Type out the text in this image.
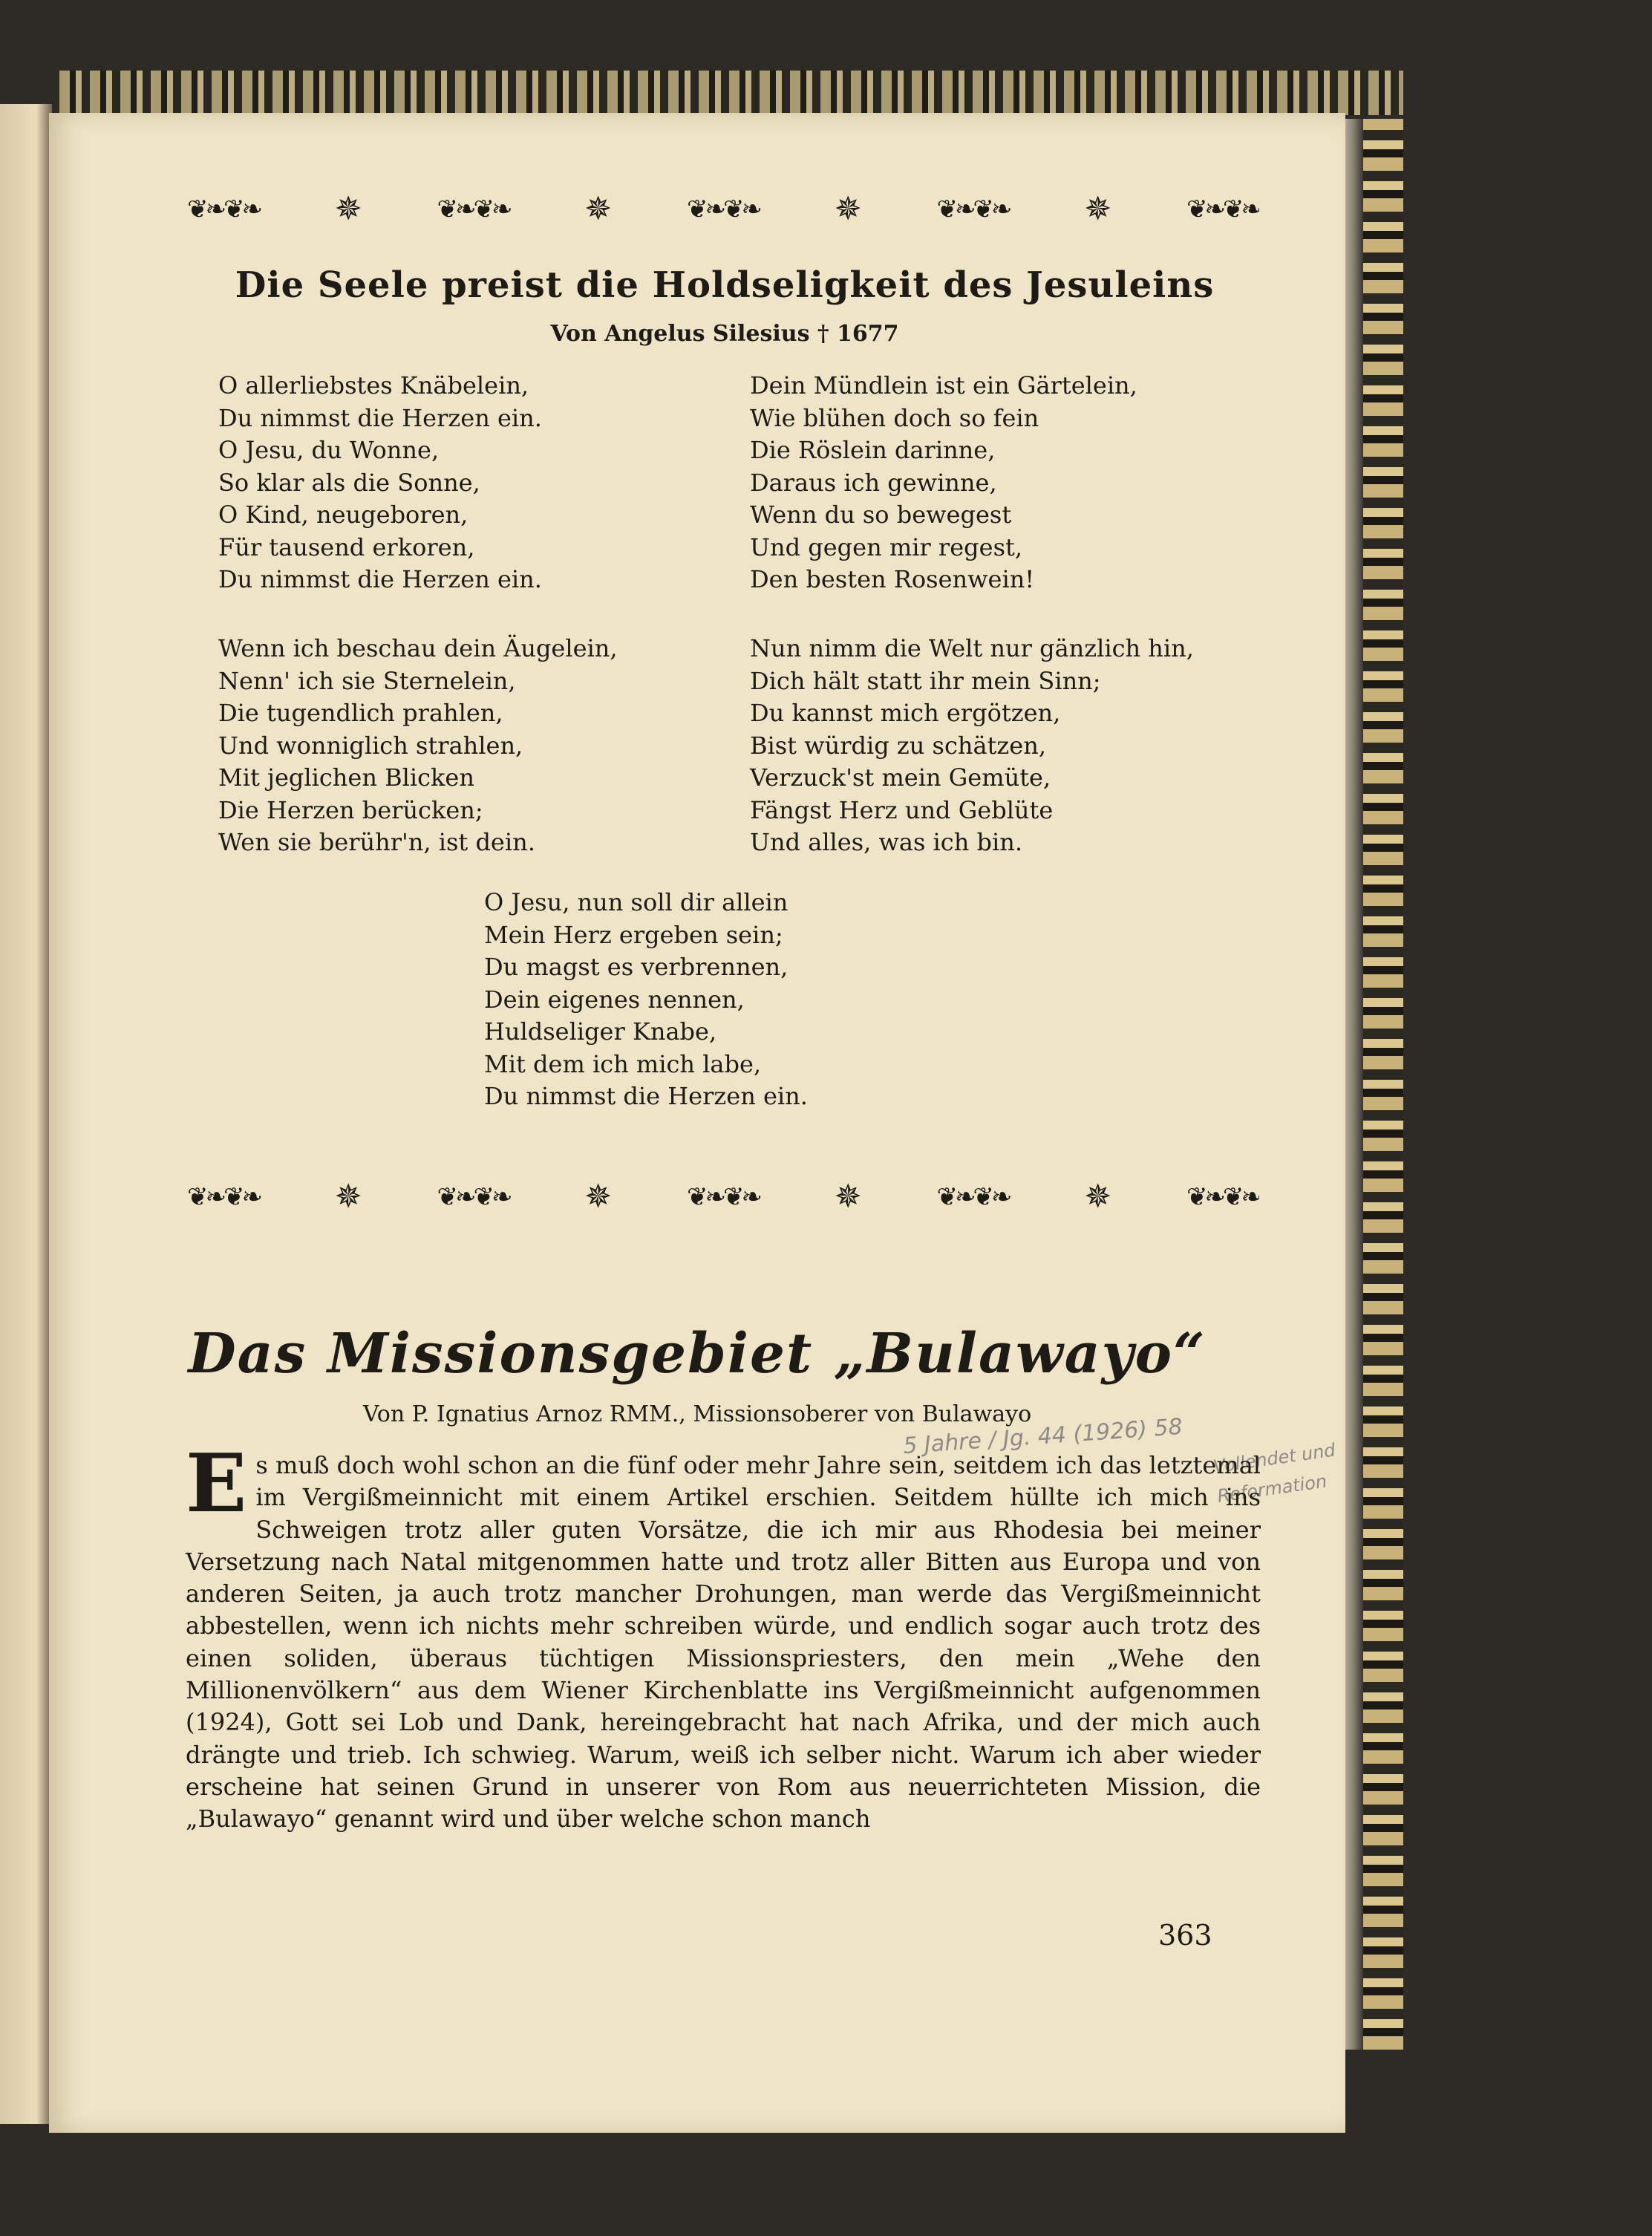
❦❧❦❧ ✵	❦❧❦❧ ✵	❦❧❦❧ ✵	❦❧❦❧ ✵	❦❧❦❧
Die Seele preist die Holdseligkeit des Jesuleins
Von Angelus Silesius † 1677
O allerliebstes Knäbelein,
Du nimmst die Herzen ein.
O Jesu, du Wonne,
So klar als die Sonne,
O Kind, neugeboren,
Für tausend erkoren,
Du nimmst die Herzen ein.
Dein Mündlein ist ein Gärtelein,
Wie blühen doch so fein
Die Röslein darinne,
Daraus ich gewinne,
Wenn du so bewegest
Und gegen mir regest,
Den besten Rosenwein!
Wenn ich beschau dein Äugelein,
Nenn' ich sie Sternelein,
Die tugendlich prahlen,
Und wonniglich strahlen,
Mit jeglichen Blicken
Die Herzen berücken;
Wen sie berühr'n, ist dein.
Nun nimm die Welt nur gänzlich hin,
Dich hält statt ihr mein Sinn;
Du kannst mich ergötzen,
Bist würdig zu schätzen,
Verzuck'st mein Gemüte,
Fängst Herz und Geblüte
Und alles, was ich bin.
O Jesu, nun soll dir allein
Mein Herz ergeben sein;
Du magst es verbrennen,
Dein eigenes nennen,
Huldseliger Knabe,
Mit dem ich mich labe,
Du nimmst die Herzen ein.
❦❧❦❧ ✵	❦❧❦❧ ✵	❦❧❦❧ ✵	❦❧❦❧ ✵	❦❧❦❧
Das Missionsgebiet „Bulawayo“
Von P. Ignatius Arnoz RMM., Missionsoberer von Bulawayo
5 Jahre / Jg. 44 (1926) 58 Vollendet und Reformation
E s muß doch wohl schon an die fünf oder mehr Jahre sein, seitdem ich das letztemal im Vergißmeinnicht mit einem Artikel erschien. Seitdem hüllte ich mich ins Schweigen trotz aller guten Vorsätze, die ich mir aus Rhodesia bei meiner Versetzung nach Natal mitgenommen hatte und trotz aller Bitten aus Europa und von anderen Seiten, ja auch trotz mancher Drohungen, man werde das Vergißmeinnicht abbestellen, wenn ich nichts mehr schreiben würde, und endlich sogar auch trotz des einen soliden, überaus tüchtigen Missionspriesters, den mein „Wehe den Millionenvölkern“ aus dem Wiener Kirchenblatte ins Vergißmeinnicht aufgenommen (1924), Gott sei Lob und Dank, hereingebracht hat nach Afrika, und der mich auch drängte und trieb. Ich schwieg. Warum, weiß ich selber nicht. Warum ich aber wieder erscheine hat seinen Grund in unserer von Rom aus neuerrichteten Mission, die „Bulawayo“ genannt wird und über welche schon manch
363
